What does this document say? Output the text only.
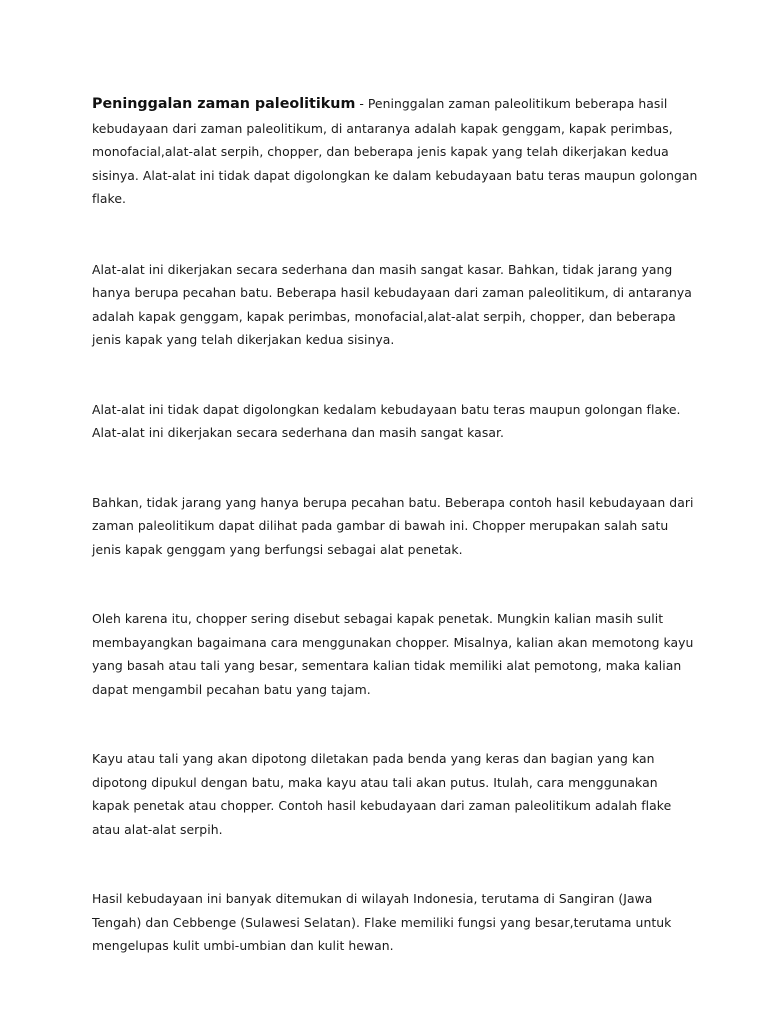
Peninggalan zaman paleolitikum - Peninggalan zaman paleolitikum beberapa hasil kebudayaan dari zaman paleolitikum, di antaranya adalah kapak genggam, kapak perimbas, monofacial,alat-alat serpih, chopper, dan beberapa jenis kapak yang telah dikerjakan kedua sisinya. Alat-alat ini tidak dapat digolongkan ke dalam kebudayaan batu teras maupun golongan flake.

Alat-alat ini dikerjakan secara sederhana dan masih sangat kasar. Bahkan, tidak jarang yang hanya berupa pecahan batu. Beberapa hasil kebudayaan dari zaman paleolitikum, di antaranya adalah kapak genggam, kapak perimbas, monofacial,alat-alat serpih, chopper, dan beberapa jenis kapak yang telah dikerjakan kedua sisinya.

Alat-alat ini tidak dapat digolongkan kedalam kebudayaan batu teras maupun golongan flake. Alat-alat ini dikerjakan secara sederhana dan masih sangat kasar.

Bahkan, tidak jarang yang hanya berupa pecahan batu. Beberapa contoh hasil kebudayaan dari zaman paleolitikum dapat dilihat pada gambar di bawah ini. Chopper merupakan salah satu jenis kapak genggam yang berfungsi sebagai alat penetak.

Oleh karena itu, chopper sering disebut sebagai kapak penetak. Mungkin kalian masih sulit membayangkan bagaimana cara menggunakan chopper. Misalnya, kalian akan memotong kayu yang basah atau tali yang besar, sementara kalian tidak memiliki alat pemotong, maka kalian dapat mengambil pecahan batu yang tajam.

Kayu atau tali yang akan dipotong diletakan pada benda yang keras dan bagian yang kan dipotong dipukul dengan batu, maka kayu atau tali akan putus. Itulah, cara menggunakan kapak penetak atau chopper. Contoh hasil kebudayaan dari zaman paleolitikum adalah flake atau alat-alat serpih.

Hasil kebudayaan ini banyak ditemukan di wilayah Indonesia, terutama di Sangiran (Jawa Tengah) dan Cebbenge (Sulawesi Selatan). Flake memiliki fungsi yang besar,terutama untuk mengelupas kulit umbi-umbian dan kulit hewan.
